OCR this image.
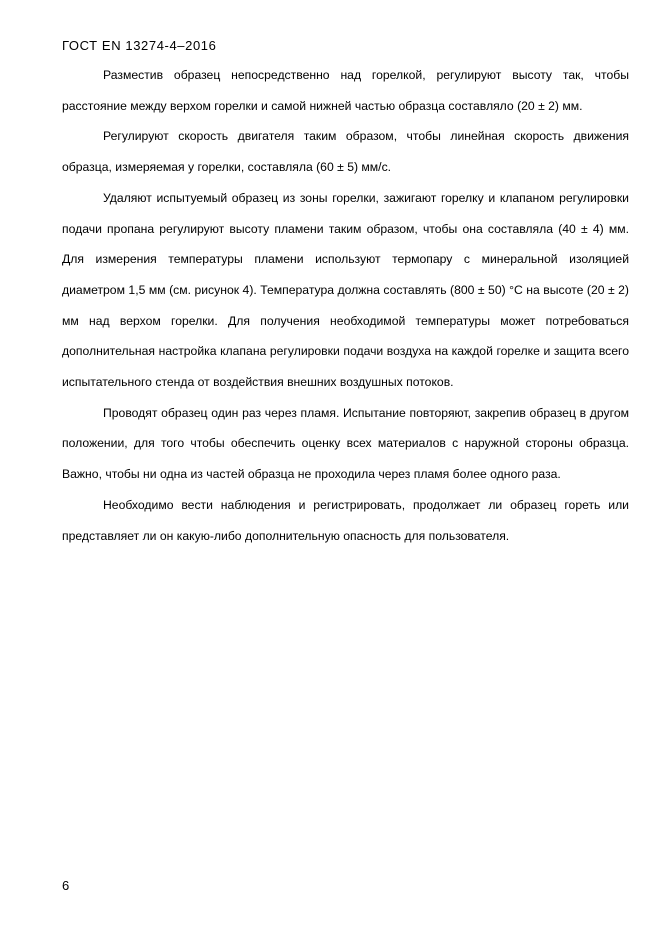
ГОСТ EN 13274-4–2016

Разместив образец непосредственно над горелкой, регулируют высоту так, чтобы расстояние между верхом горелки и самой нижней частью образца составляло (20 ± 2) мм.

Регулируют скорость двигателя таким образом, чтобы линейная скорость движения образца, измеряемая у горелки, составляла (60 ± 5) мм/с.

Удаляют испытуемый образец из зоны горелки, зажигают горелку и клапаном регулировки подачи пропана регулируют высоту пламени таким образом, чтобы она составляла (40 ± 4) мм. Для измерения температуры пламени используют термопару с минеральной изоляцией диаметром 1,5 мм (см. рисунок 4). Температура должна составлять (800 ± 50) °С на высоте (20 ± 2) мм над верхом горелки. Для получения необходимой температуры может потребоваться дополнительная настройка клапана регулировки подачи воздуха на каждой горелке и защита всего испытательного стенда от воздействия внешних воздушных потоков.

Проводят образец один раз через пламя. Испытание повторяют, закрепив образец в другом положении, для того чтобы обеспечить оценку всех материалов с наружной стороны образца. Важно, чтобы ни одна из частей образца не проходила через пламя более одного раза.

Необходимо вести наблюдения и регистрировать, продолжает ли образец гореть или представляет ли он какую-либо дополнительную опасность для пользователя.

6
